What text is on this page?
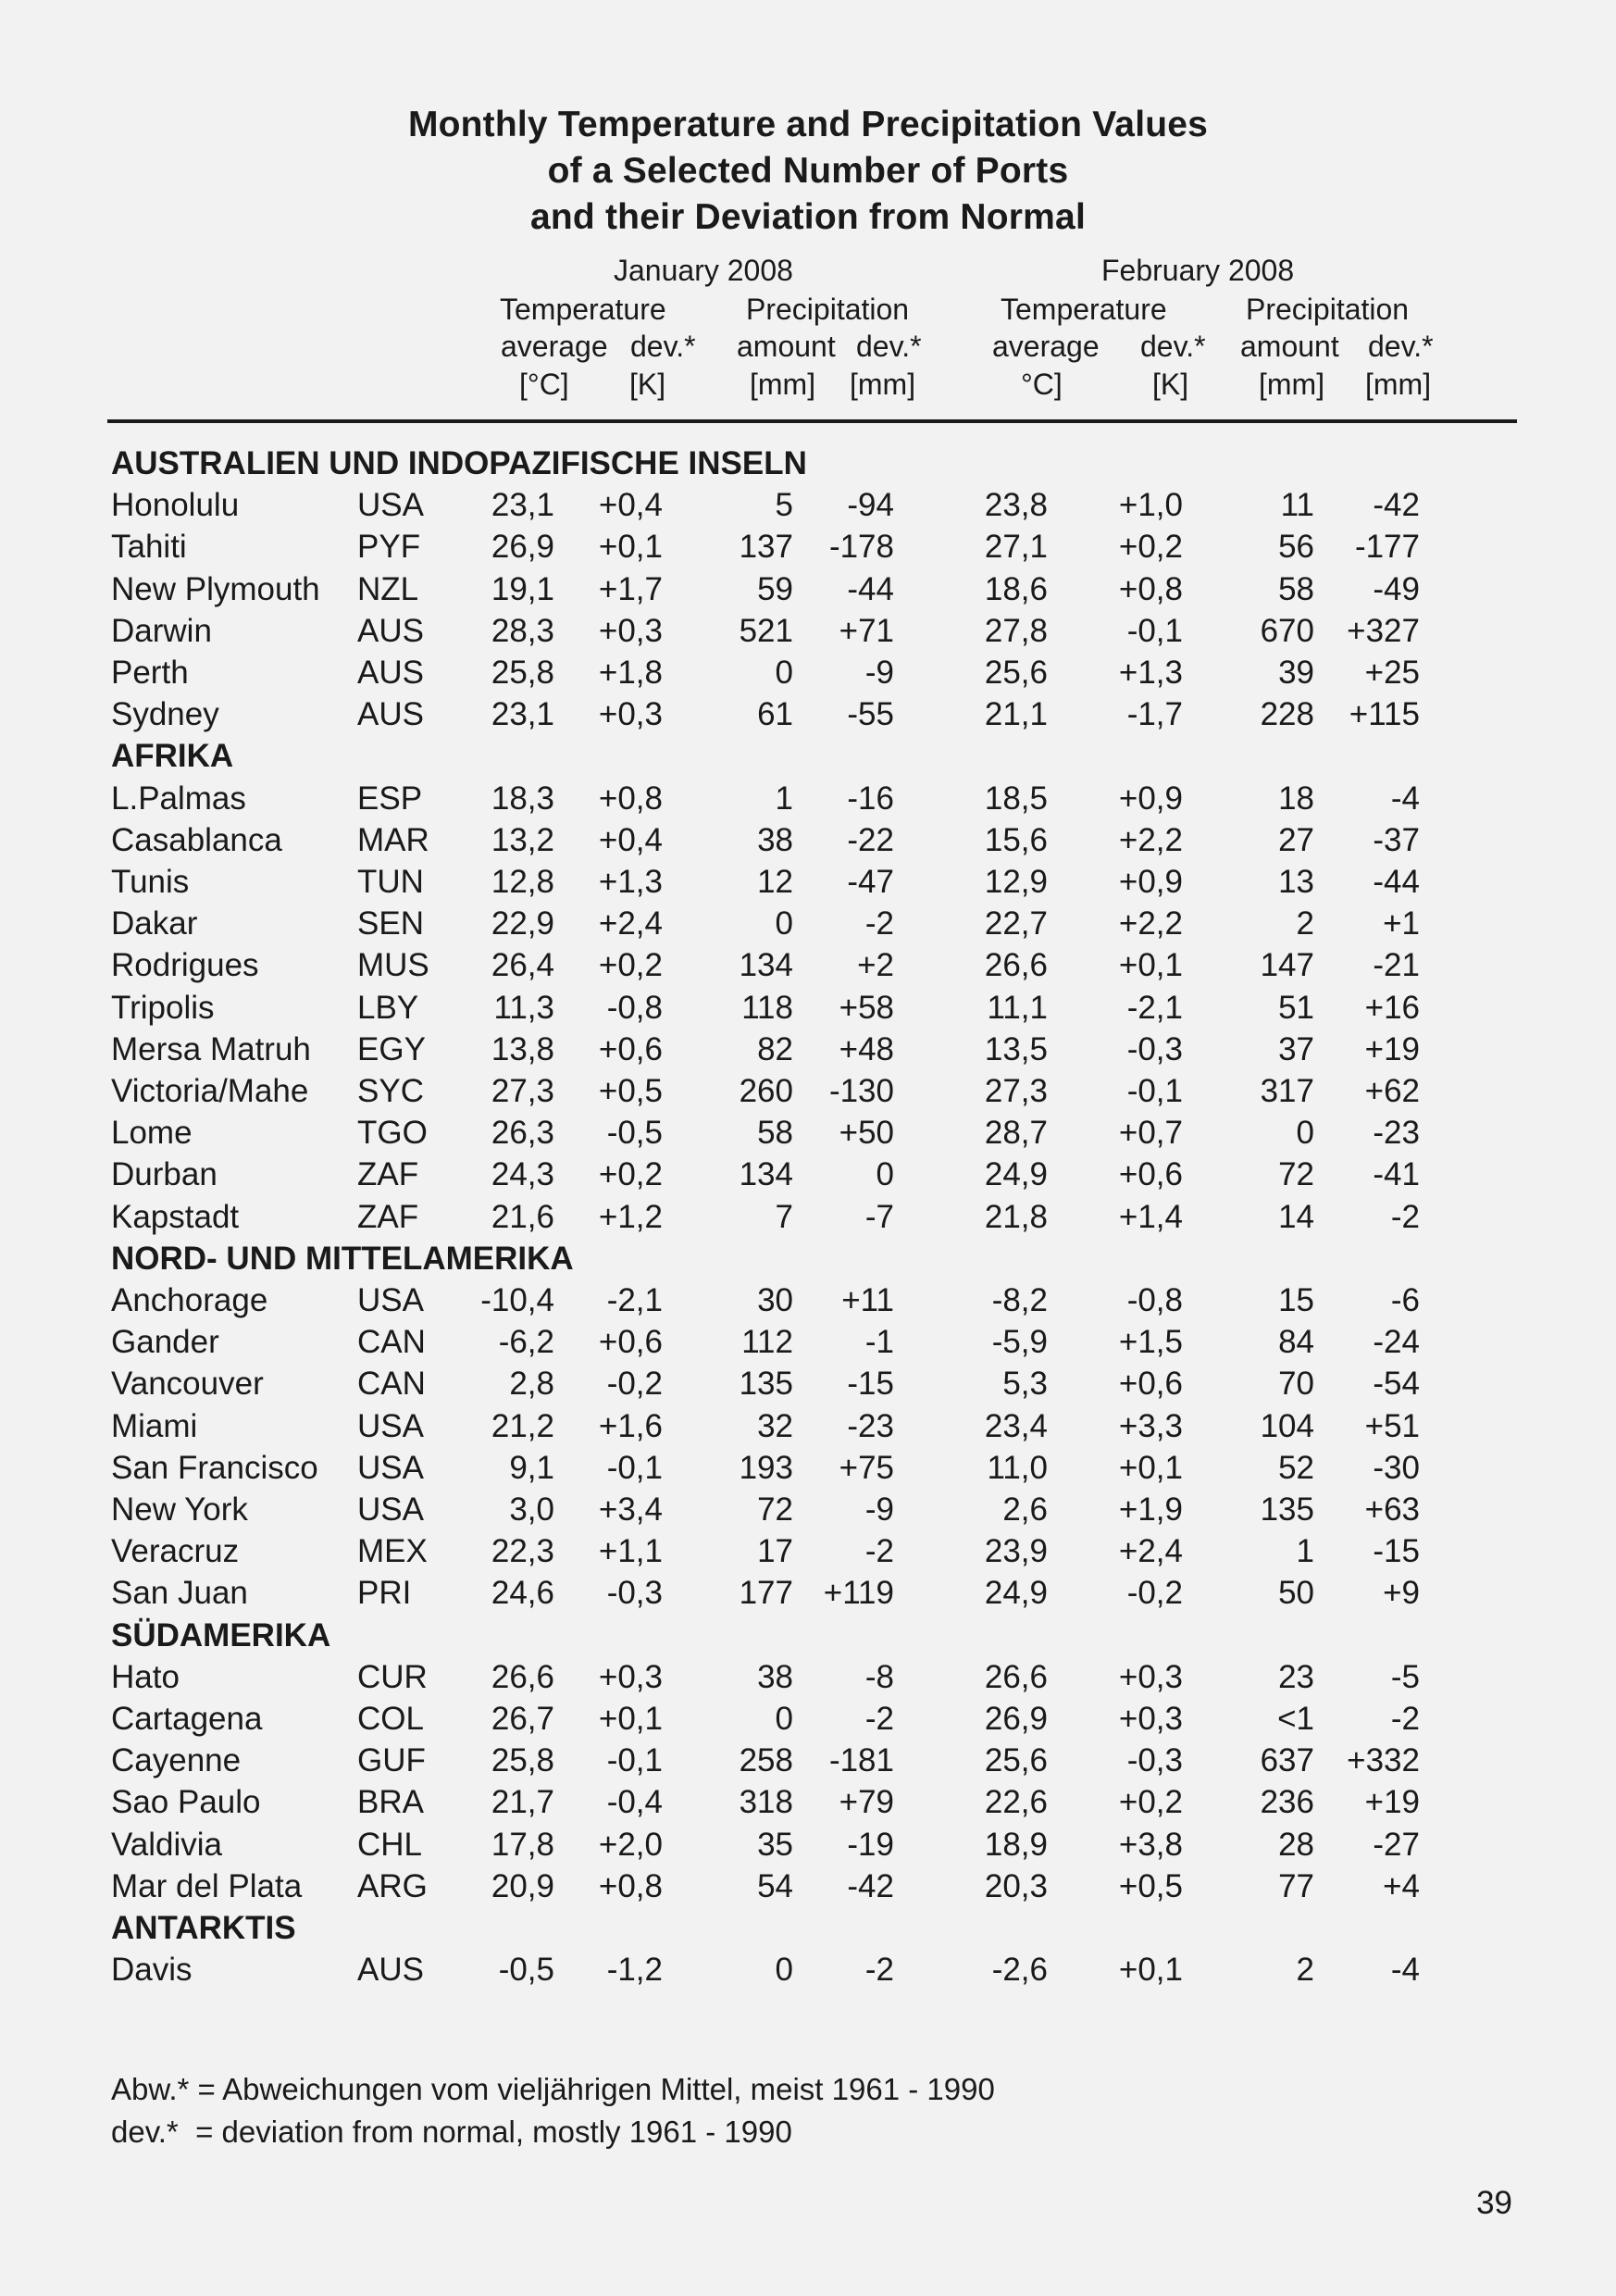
Monthly Temperature and Precipitation Values
of a Selected Number of Ports
and their Deviation from Normal
January 2008	February 2008
Temperature	Precipitation	Temperature	Precipitation
average dev.* amount dev.* average dev.* amount dev.*
[°C] [K]	[mm] [mm]	°C]	[K] [mm] [mm]
AUSTRALIEN UND INDOPAZIFISCHE INSELN
Honolulu	USA 23,1 +0,4	5 -94	23,8 +1,0	11 -42
Tahiti	PYF 26,9 +0,1 137 -178	27,1 +0,2	56 -177
New Plymouth NZL 19,1 +1,7	59 -44	18,6 +0,8	58 -49
Darwin	AUS 28,3 +0,3 521 +71	27,8 -0,1 670 +327
Perth	AUS 25,8 +1,8	0 -9	25,6 +1,3	39 +25
Sydney	AUS 23,1 +0,3	61 -55	21,1 -1,7 228 +115
AFRIKA
L.Palmas	ESP 18,3 +0,8	1 -16	18,5 +0,9	18 -4
Casablanca MAR 13,2 +0,4	38 -22	15,6 +2,2	27 -37
Tunis	TUN 12,8 +1,3	12 -47	12,9 +0,9	13 -44
Dakar	SEN 22,9 +2,4	0 -2	22,7 +2,2	2 +1
Rodrigues	MUS 26,4 +0,2 134 +2	26,6 +0,1 147 -21
Tripolis	LBY 11,3 -0,8 118 +58	11,1 -2,1	51 +16
Mersa Matruh EGY 13,8 +0,6	82 +48	13,5 -0,3	37 +19
Victoria/Mahe SYC 27,3 +0,5 260 -130	27,3 -0,1 317 +62
Lome	TGO 26,3 -0,5	58 +50	28,7 +0,7	0 -23
Durban	ZAF 24,3 +0,2 134	0	24,9 +0,6	72 -41
Kapstadt	ZAF 21,6 +1,2	7 -7	21,8 +1,4	14 -2
NORD- UND MITTELAMERIKA
Anchorage	USA -10,4 -2,1	30 +11	-8,2 -0,8	15 -6
Gander	CAN -6,2 +0,6 112 -1	-5,9 +1,5	84 -24
Vancouver	CAN	2,8 -0,2 135 -15	5,3 +0,6	70 -54
Miami	USA 21,2 +1,6	32 -23	23,4 +3,3 104 +51
San Francisco USA	9,1 -0,1 193 +75	11,0 +0,1	52 -30
New York	USA	3,0 +3,4	72 -9	2,6 +1,9 135 +63
Veracruz	MEX 22,3 +1,1	17 -2	23,9 +2,4	1 -15
San Juan	PRI 24,6 -0,3 177 +119	24,9 -0,2	50 +9
SÜDAMERIKA
Hato	CUR 26,6 +0,3	38 -8	26,6 +0,3	23 -5
Cartagena	COL 26,7 +0,1	0 -2	26,9 +0,3	<1 -2
Cayenne	GUF 25,8 -0,1 258 -181	25,6 -0,3 637 +332
Sao Paulo	BRA 21,7 -0,4 318 +79	22,6 +0,2 236 +19
Valdivia	CHL 17,8 +2,0	35 -19	18,9 +3,8	28 -27
Mar del Plata ARG 20,9 +0,8	54 -42	20,3 +0,5	77 +4
ANTARKTIS
Davis	AUS -0,5 -1,2	0 -2	-2,6 +0,1	2 -4
Abw.* = Abweichungen vom vieljährigen Mittel, meist 1961 - 1990
dev.*  = deviation from normal, mostly 1961 - 1990
39
